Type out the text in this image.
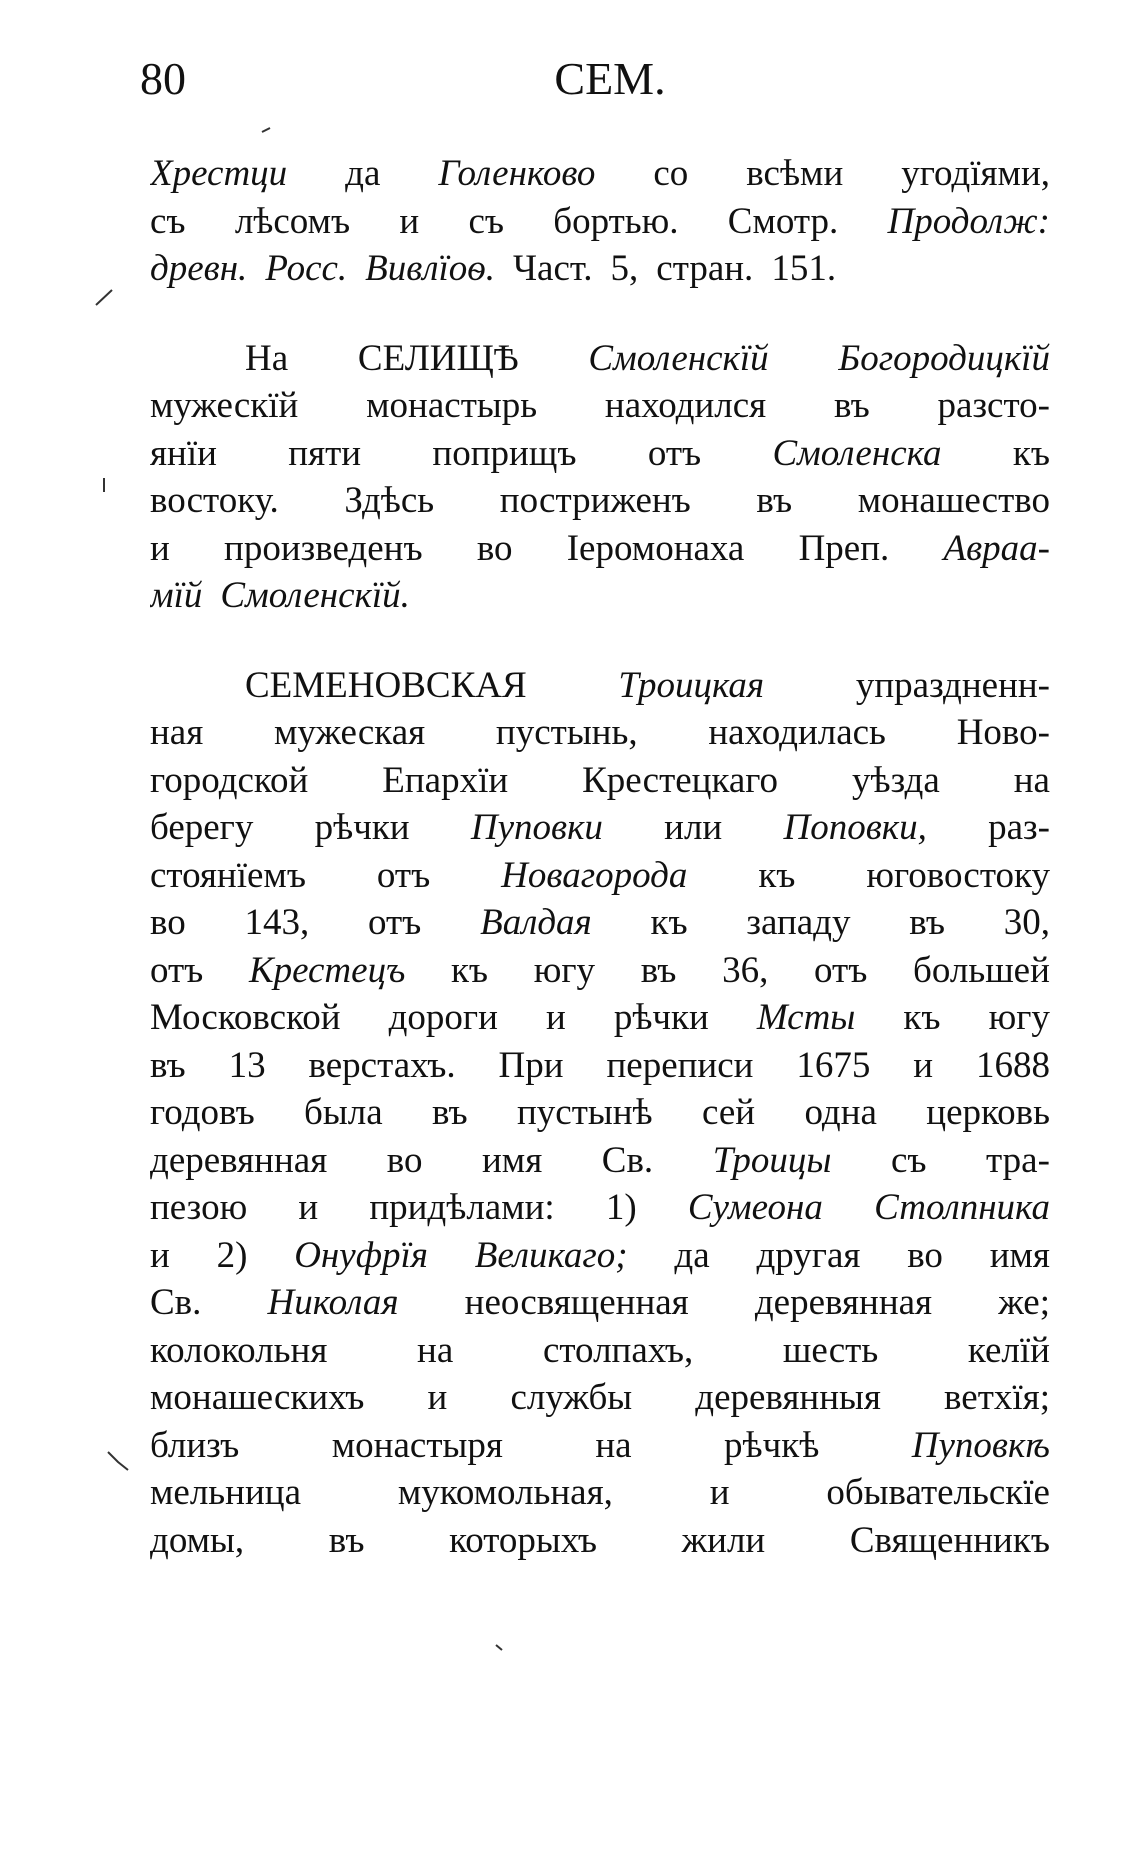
80	СЕМ.
Хрестци да Голенково со всѣми угодїями,
съ лѣсомъ и съ бортью. Смотр. Продолж:
древн. Росс. Вивлїоѳ. Част. 5, стран. 151.
На СЕЛИЩѢ Смоленскїй Богородицкїй
мужескїй монастырь находился въ разсто-
янїи пяти поприщъ отъ Смоленска къ
востоку. Здѣсь постриженъ въ монашество
и произведенъ во Іеромонаха Преп. Авраа-
мїй Смоленскїй.
СЕМЕНОВСКАЯ Троицкая упраздненн-
ная мужеская пустынь, находилась Ново-
городской Епархїи Крестецкаго уѣзда на
берегу рѣчки Пуповки или Поповки, раз-
стоянїемъ отъ Новагорода къ юговостоку
во 143, отъ Валдая къ западу въ 30,
отъ Крестецъ къ югу въ 36, отъ большей
Московской дороги и рѣчки Мсты къ югу
въ 13 верстахъ. При переписи 1675 и 1688
годовъ была въ пустынѣ сей одна церковь
деревянная во имя Св. Троицы съ тра-
пезою и придѣлами: 1) Сумеона Столпника
и 2) Онуфрїя Великаго; да другая во имя
Св. Николая неосвященная деревянная же;
колокольня на столпахъ, шесть келїй
монашескихъ и службы деревянныя ветхїя;
близъ монастыря на рѣчкѣ Пуповкѣ
мельница	мукомольная,	и	обывательскїе
домы, въ которыхъ жили Священникъ
